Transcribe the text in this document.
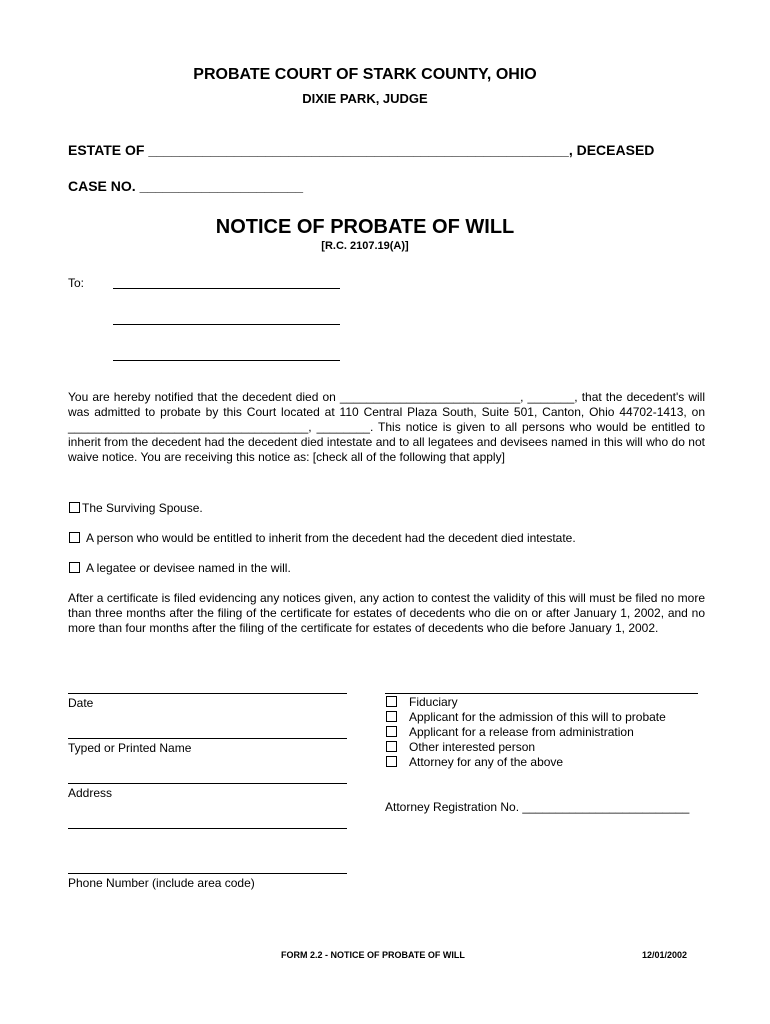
PROBATE COURT OF STARK COUNTY, OHIO
DIXIE PARK, JUDGE
ESTATE OF ______________________________________________________, DECEASED
CASE NO. _____________________
NOTICE OF PROBATE OF WILL
[R.C. 2107.19(A)]
To:
You are hereby notified that the decedent died on ___________________________, _______, that the decedent's will was admitted to probate by this Court located at 110 Central Plaza South, Suite 501, Canton, Ohio 44702-1413, on ____________________________________, ________. This notice is given to all persons who would be entitled to inherit from the decedent had the decedent died intestate and to all legatees and devisees named in this will who do not waive notice. You are receiving this notice as: [check all of the following that apply]
The Surviving Spouse.
A person who would be entitled to inherit from the decedent had the decedent died intestate.
A legatee or devisee named in the will.
After a certificate is filed evidencing any notices given, any action to contest the validity of this will must be filed no more than three months after the filing of the certificate for estates of decedents who die on or after January 1, 2002, and no more than four months after the filing of the certificate for estates of decedents who die before January 1, 2002.
Date
Typed or Printed Name
Address
Phone Number (include area code)
Fiduciary
Applicant for the admission of this will to probate
Applicant for a release from administration
Other interested person
Attorney for any of the above
Attorney Registration No. _________________________
FORM 2.2 - NOTICE OF PROBATE OF WILL	12/01/2002
